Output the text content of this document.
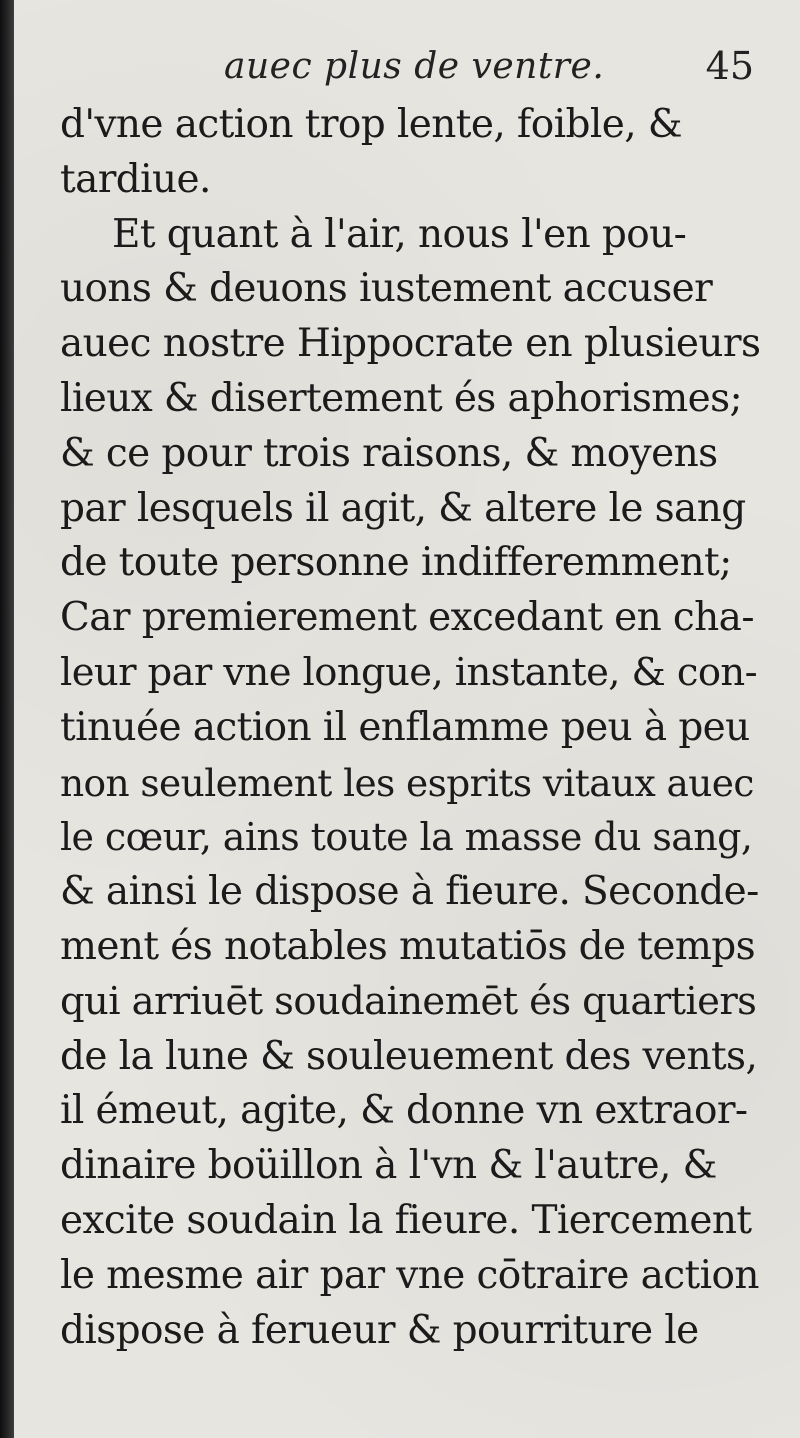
auec plus de ventre.	45
d'vne action trop lente, foible, &
tardiue.
Et quant à l'air, nous l'en pou-
uons & deuons iustement accuser
auec nostre Hippocrate en plusieurs
lieux & disertement és aphorismes;
& ce pour trois raisons, & moyens
par lesquels il agit, & altere le sang
de toute personne indifferemment;
Car premierement excedant en cha-
leur par vne longue, instante, & con-
tinuée action il enflamme peu à peu
non seulement les esprits vitaux auec
le cœur, ains toute la masse du sang,
& ainsi le dispose à fieure. Seconde-
ment és notables mutatiōs de temps
qui arriuēt soudainemēt és quartiers
de la lune & souleuement des vents,
il émeut, agite, & donne vn extraor-
dinaire boüillon à l'vn & l'autre, &
excite soudain la fieure. Tiercement
le mesme air par vne cōtraire action
dispose à ferueur & pourriture le
